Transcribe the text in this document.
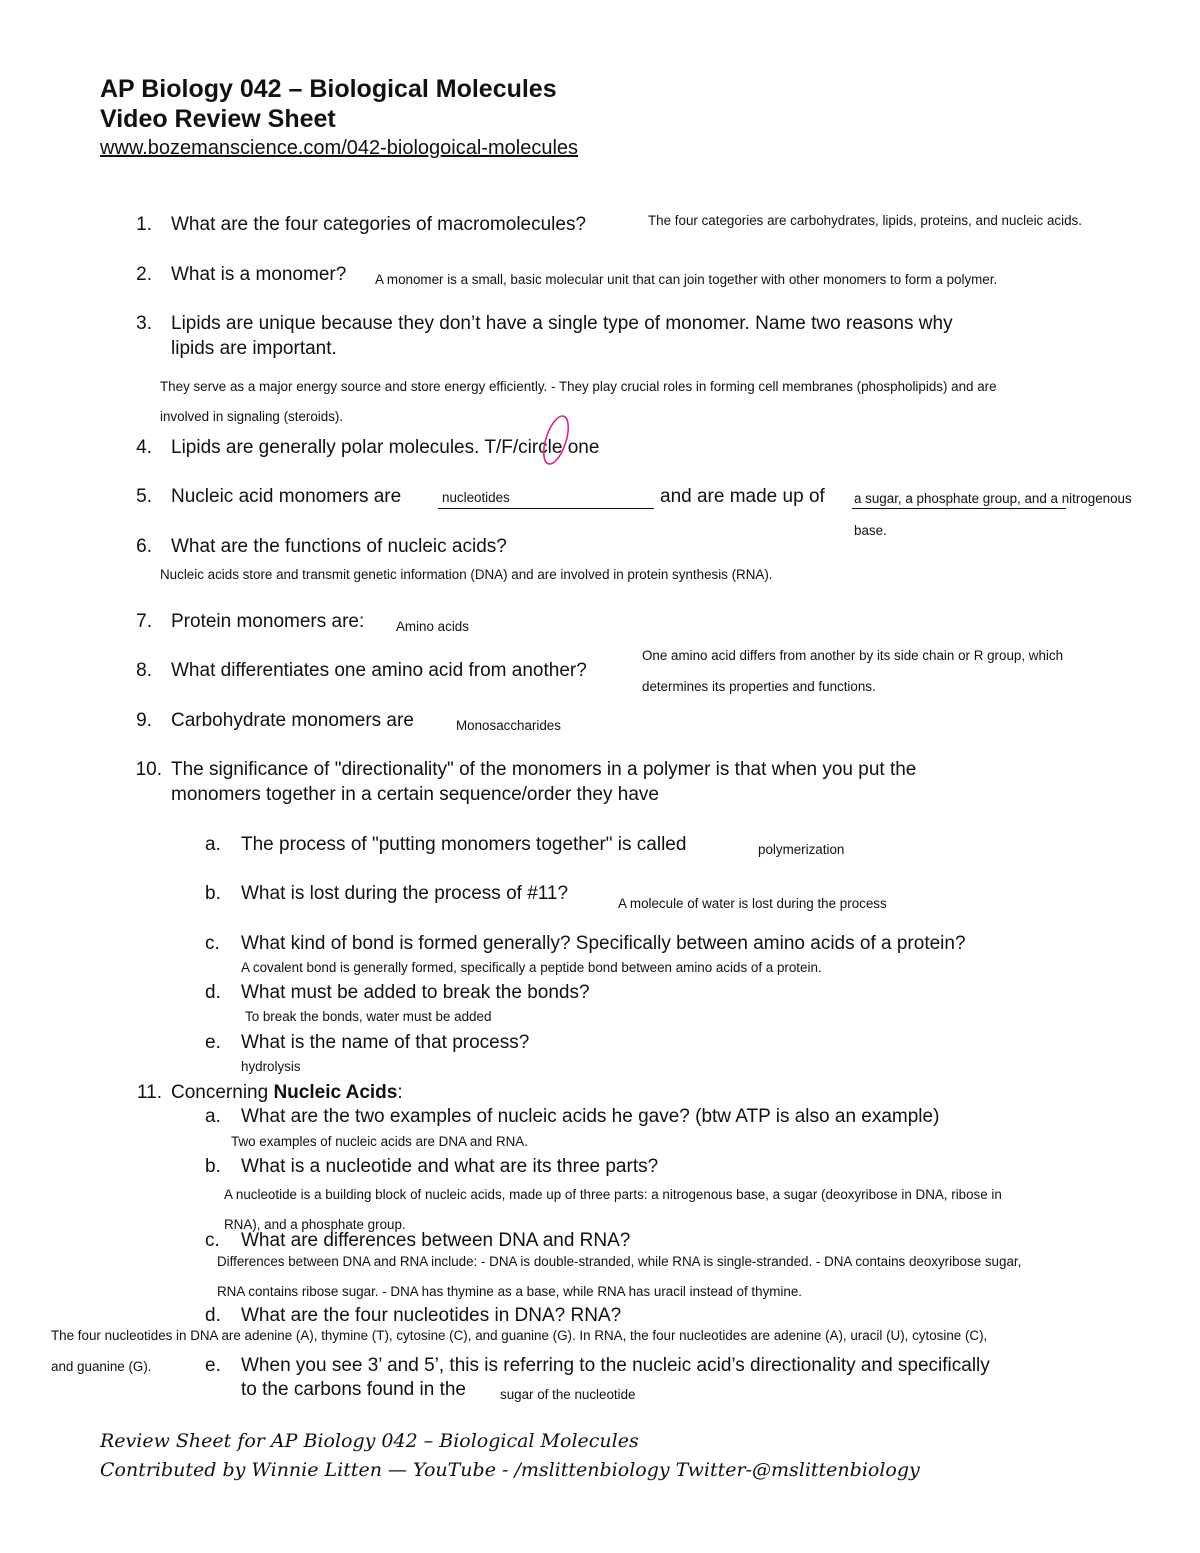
AP Biology 042 – Biological Molecules
Video Review Sheet
www.bozemanscience.com/042-biologoical-molecules
1. What are the four categories of macromolecules?	The four categories are carbohydrates, lipids, proteins, and nucleic acids.
2. What is a monomer? A monomer is a small, basic molecular unit that can join together with other monomers to form a polymer.
3. Lipids are unique because they don’t have a single type of monomer. Name two reasons why
lipids are important.
They serve as a major energy source and store energy efficiently. - They play crucial roles in forming cell membranes (phospholipids) and are
involved in signaling (steroids).
4. Lipids are generally polar molecules. T/F/circle one
5. Nucleic acid monomers are	nucleotides	and are made up of a sugar, a phosphate group, and a nitrogenous
base.
6. What are the functions of nucleic acids?
Nucleic acids store and transmit genetic information (DNA) and are involved in protein synthesis (RNA).
7. Protein monomers are: Amino acids
8. What differentiates one amino acid from another?
One amino acid differs from another by its side chain or R group, which
determines its properties and functions.
9. Carbohydrate monomers are	Monosaccharides
10. The significance of "directionality" of the monomers in a polymer is that when you put the
monomers together in a certain sequence/order they have
a. The process of "putting monomers together" is called	polymerization
b. What is lost during the process of #11?	A molecule of water is lost during the process
c. What kind of bond is formed generally? Specifically between amino acids of a protein?
A covalent bond is generally formed, specifically a peptide bond between amino acids of a protein.
d. What must be added to break the bonds?
To break the bonds, water must be added
e. What is the name of that process?
hydrolysis
11. Concerning Nucleic Acids:
a. What are the two examples of nucleic acids he gave? (btw ATP is also an example)
Two examples of nucleic acids are DNA and RNA.
b. What is a nucleotide and what are its three parts?
A nucleotide is a building block of nucleic acids, made up of three parts: a nitrogenous base, a sugar (deoxyribose in DNA, ribose in
RNA), and a phosphate group.
c. What are differences between DNA and RNA?
Differences between DNA and RNA include: - DNA is double-stranded, while RNA is single-stranded. - DNA contains deoxyribose sugar,
RNA contains ribose sugar. - DNA has thymine as a base, while RNA has uracil instead of thymine.
d. What are the four nucleotides in DNA? RNA?
The four nucleotides in DNA are adenine (A), thymine (T), cytosine (C), and guanine (G). In RNA, the four nucleotides are adenine (A), uracil (U), cytosine (C),
and guanine (G).	e. When you see 3’ and 5’, this is referring to the nucleic acid’s directionality and specifically
to the carbons found in the	sugar of the nucleotide
Review Sheet for AP Biology 042 – Biological Molecules
Contributed by Winnie Litten — YouTube - /mslittenbiology Twitter-@mslittenbiology
